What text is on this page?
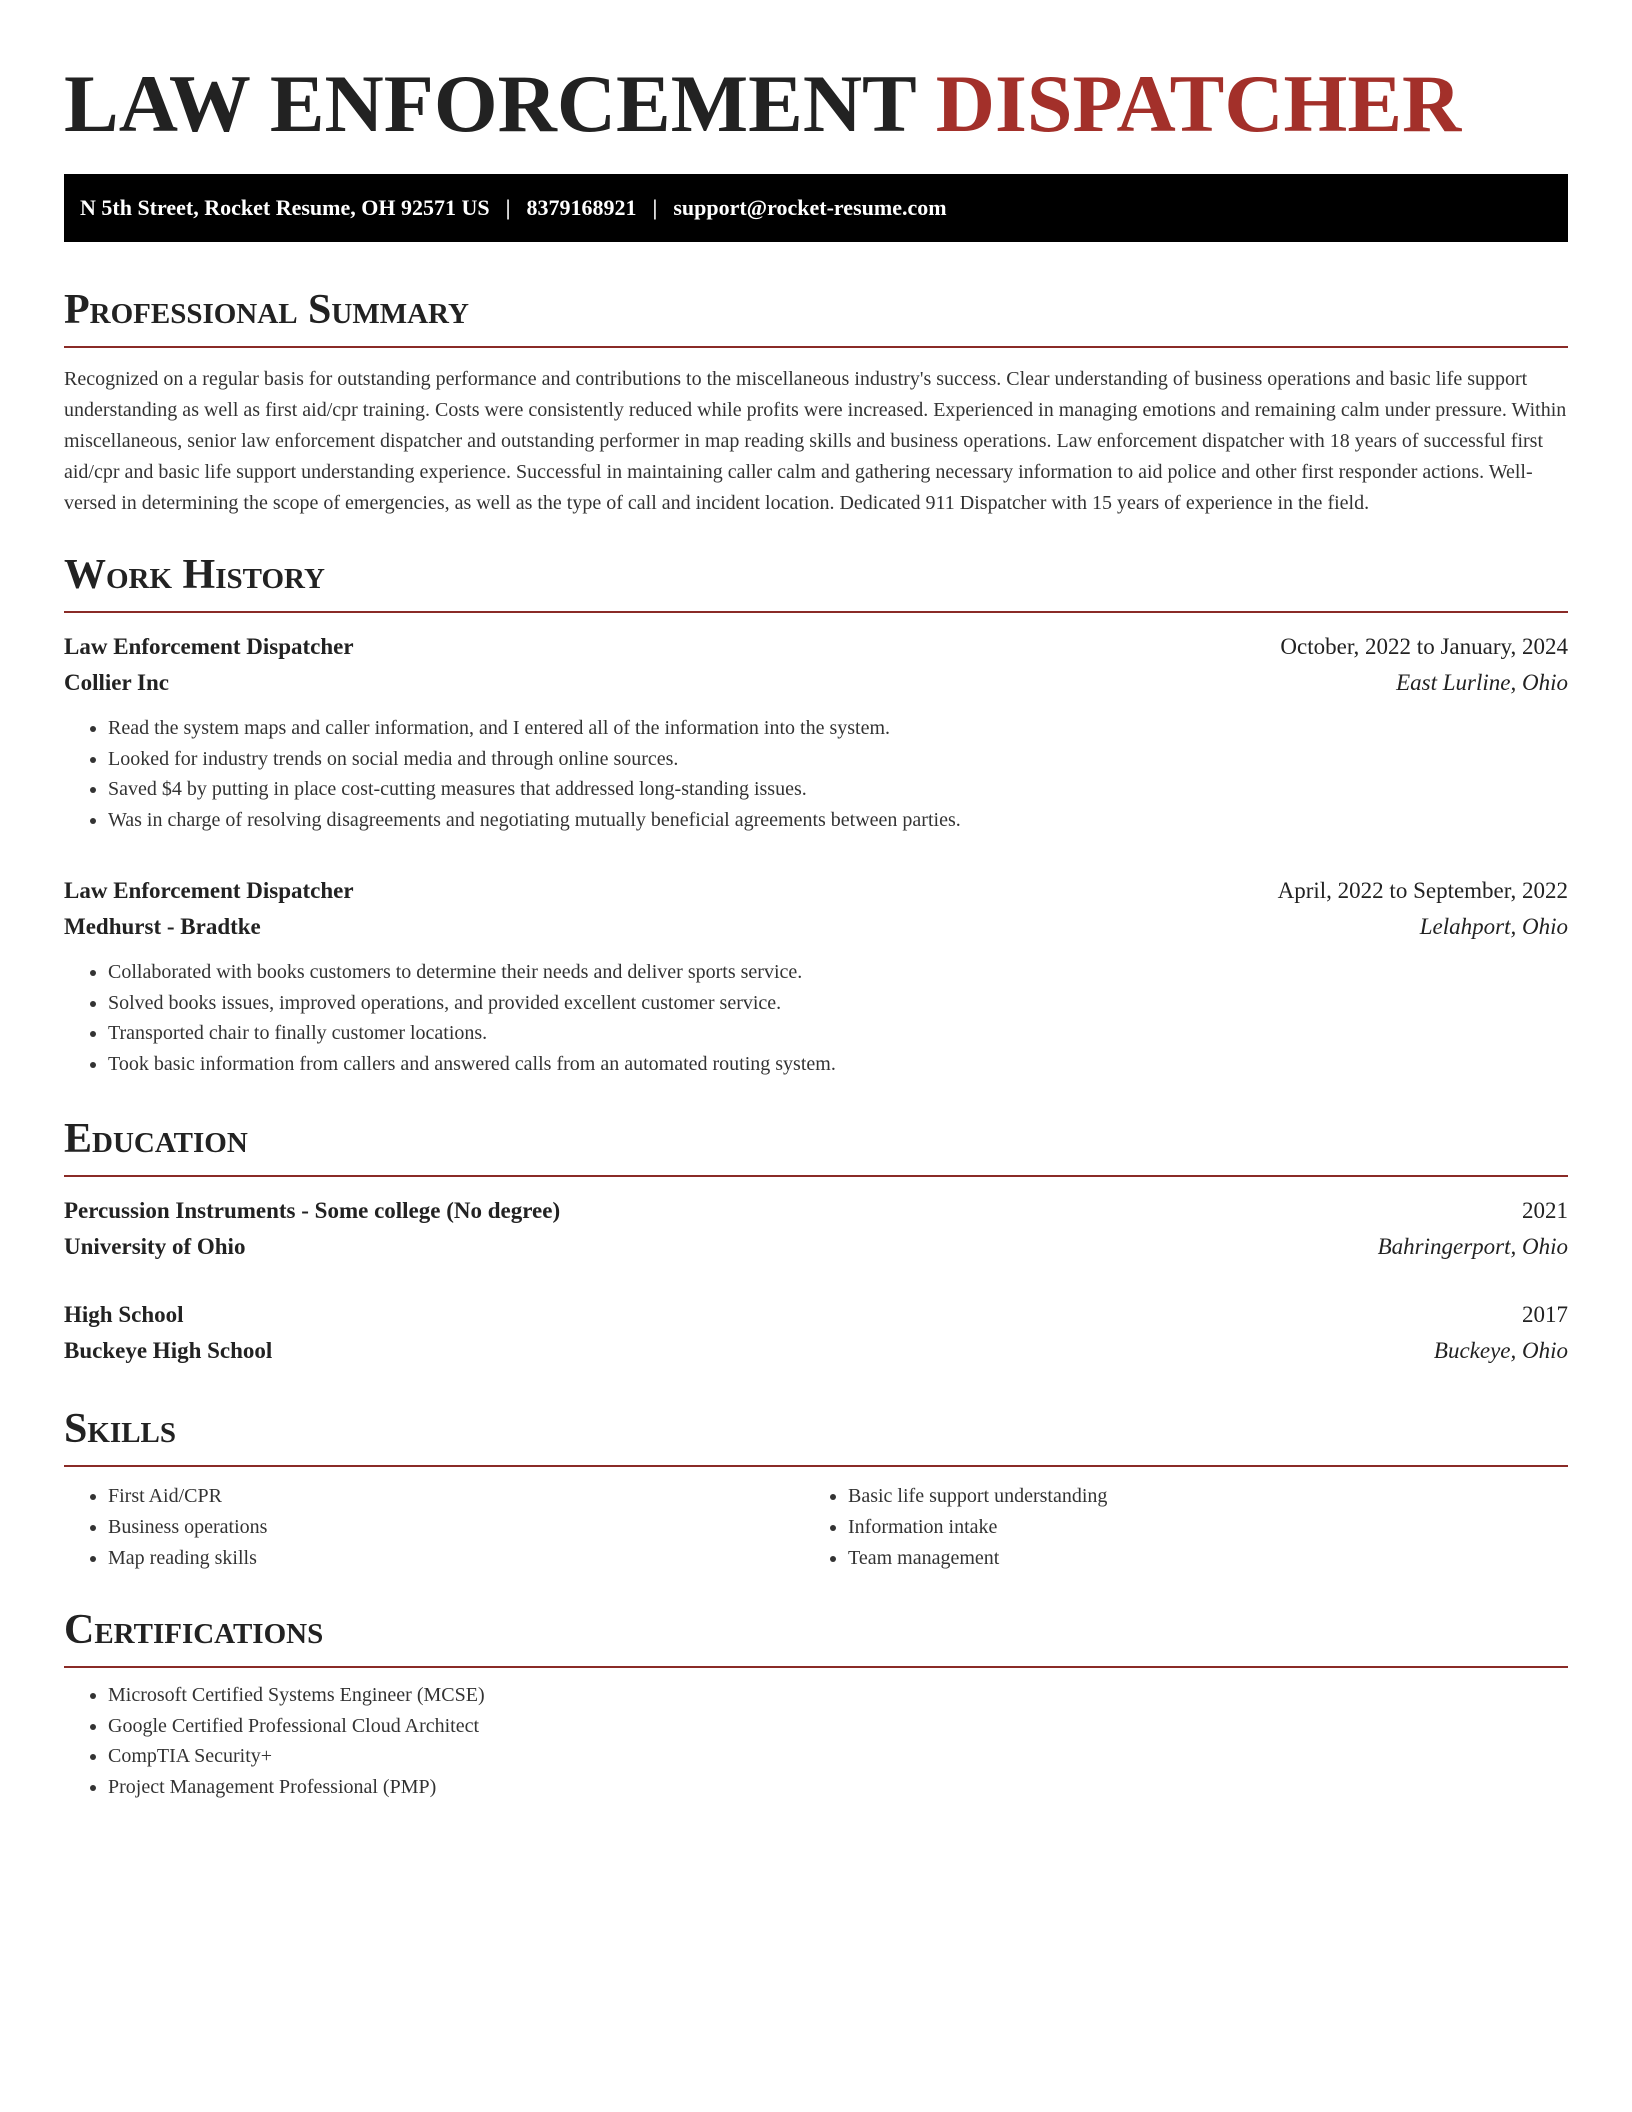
LAW ENFORCEMENT DISPATCHER
N 5th Street, Rocket Resume, OH 92571 US | 8379168921 | support@rocket-resume.com
Professional Summary

Recognized on a regular basis for outstanding performance and contributions to the miscellaneous industry's success. Clear understanding of business operations and basic life support understanding as well as first aid/cpr training. Costs were consistently reduced while profits were increased. Experienced in managing emotions and remaining calm under pressure. Within miscellaneous, senior law enforcement dispatcher and outstanding performer in map reading skills and business operations. Law enforcement dispatcher with 18 years of successful first aid/cpr and basic life support understanding experience. Successful in maintaining caller calm and gathering necessary information to aid police and other first responder actions. Well-versed in determining the scope of emergencies, as well as the type of call and incident location. Dedicated 911 Dispatcher with 15 years of experience in the field.

Work History
Law Enforcement Dispatcher	October, 2022 to January, 2024
Collier Inc	East Lurline, Ohio
• Read the system maps and caller information, and I entered all of the information into the system.
• Looked for industry trends on social media and through online sources.
• Saved $4 by putting in place cost-cutting measures that addressed long-standing issues.
• Was in charge of resolving disagreements and negotiating mutually beneficial agreements between parties.
Law Enforcement Dispatcher	April, 2022 to September, 2022
Medhurst - Bradtke	Lelahport, Ohio
• Collaborated with books customers to determine their needs and deliver sports service.
• Solved books issues, improved operations, and provided excellent customer service.
• Transported chair to finally customer locations.
• Took basic information from callers and answered calls from an automated routing system.
Education
Percussion Instruments - Some college (No degree)	2021
University of Ohio	Bahringerport, Ohio
High School	2017
Buckeye High School	Buckeye, Ohio
Skills
• First Aid/CPR
• Business operations
• Map reading skills
• Basic life support understanding
• Information intake
• Team management
Certifications
• Microsoft Certified Systems Engineer (MCSE)
• Google Certified Professional Cloud Architect
• CompTIA Security+
• Project Management Professional (PMP)
